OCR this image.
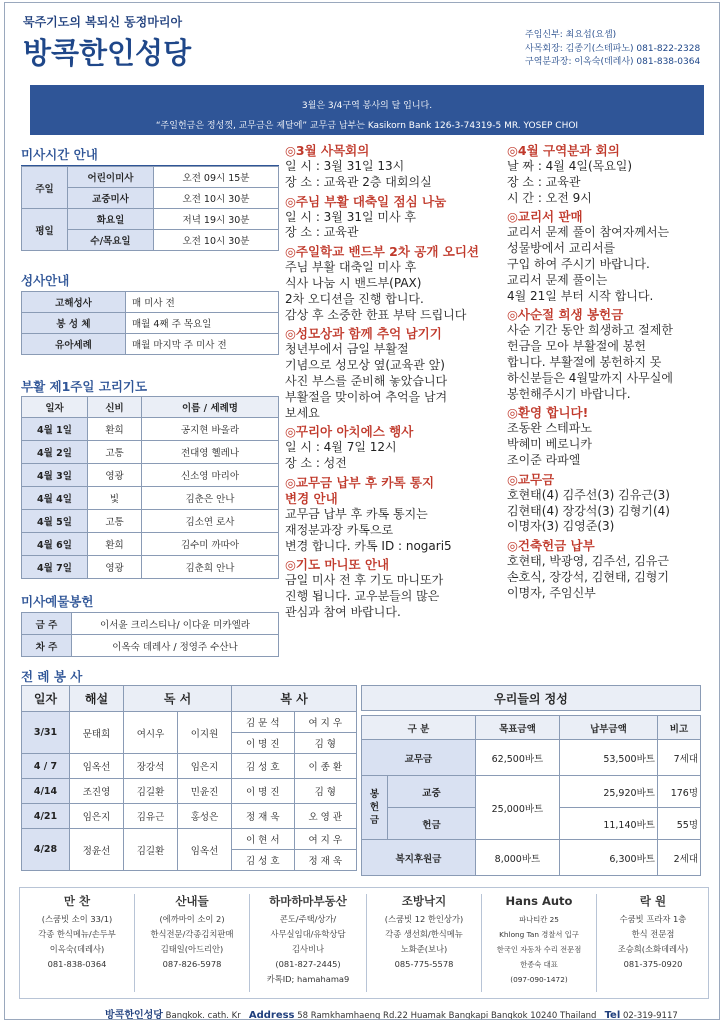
묵주기도의 복되신 동정마리아
방콕한인성당
주임신부: 최요섭(요셉)
사목회장: 김종기(스테파노) 081-822-2328
구역분과장: 이옥숙(데레사) 081-838-0364
3월은 3/4구역 봉사의 달 입니다.
“주일헌금은 정성껏, 교무금은 제달에” 교무금 납부는 Kasikorn Bank 126-3-74319-5 MR. YOSEP CHOI
미사시간 안내
주일	어린이미사	오전 09시 15분
	교중미사	오전 10시 30분
평일	화요일	저녁 19시 30분
	수/목요일	오전 10시 30분
성사안내
고해성사	매 미사 전
봉 성 체	매월 4째 주 목요일
유아세례	매월 마지막 주 미사 전
부활 제1주일 고리기도
일자	신비	이름 / 세례명
4월 1일	환희	공지현 바올라
4월 2일	고통	전대영 헬레나
4월 3일	영광	신소영 마리아
4월 4일	빛	김춘은 안나
4월 5일	고통	김소연 로사
4월 6일	환희	김수미 까따아
4월 7일	영광	김춘희 안나
미사예물봉헌
금 주	이서윤 크리스티나/ 이다윤 미카엘라
차 주	이옥숙 데레사 / 정영주 수산나
전 례 봉 사
일자	해설	독 서		복 사	
3/31	문태희	여시우	이지원	김 문 석	여 지 우
				이 명 진	김 형
4 / 7	임옥선	장강석	임은지	김 성 호	이 종 환
4/14	조진영	김길환	민윤진	이 명 진	김 형
4/21	임은지	김유근	홍성은	정 재 욱	오 영 관
4/28	정윤선	김길환	임옥선	이 현 서	여 지 우
				김 성 호	정 재 욱
우리들의 정성
구 분		목표금액	납부금액	비고
교무금		62,500바트	53,500바트	7세대
봉
헌
금	교중	25,000바트	25,920바트	176명
	헌금		11,140바트	55명
복지후원금		8,000바트	6,300바트	2세대
◎3월 사목회의
일 시 : 3월 31일 13시
장 소 : 교육관 2층 대회의실
◎주님 부활 대축일 점심 나눔
일 시 : 3월 31일 미사 후
장 소 : 교육관
◎주일학교 밴드부 2차 공개 오디션
주님 부활 대축일 미사 후
식사 나눔 시 밴드부(PAX)
2차 오디션을 진행 합니다.
감상 후 소중한 한표 부탁 드립니다
◎성모상과 함께 추억 남기기
청년부에서 금일 부활절
기념으로 성모상 옆(교육관 앞)
사진 부스를 준비해 놓았습니다
부활절을 맞이하여 추억을 남겨
보세요
◎꾸리아 아치에스 행사
일 시 : 4월 7일 12시
장 소 : 성전
◎교무금 납부 후 카톡 통지
변경 안내
교무금 납부 후 카톡 통지는
재정분과장 카톡으로
변경 합니다. 카톡 ID : nogari5
◎기도 마니또 안내
금일 미사 전 후 기도 마니또가
진행 됩니다. 교우분들의 많은
관심과 참여 바랍니다.
◎4월 구역분과 회의
날 짜 : 4월 4일(목요일)
장 소 : 교육관
시 간 : 오전 9시
◎교리서 판매
교리서 문제 풀이 참여자께서는
성물방에서 교리서를
구입 하여 주시기 바랍니다.
교리서 문제 풀이는
4월 21일 부터 시작 합니다.
◎사순절 희생 봉헌금
사순 기간 동안 희생하고 절제한
헌금을 모아 부활절에 봉헌
합니다. 부활절에 봉헌하지 못
하신분들은 4월말까지 사무실에
봉헌해주시기 바랍니다.
◎환영 합니다!
조동완 스테파노
박혜미 베로니카
조이준 라파엘
◎교무금
호현태(4) 김주선(3) 김유근(3)
김현태(4) 장강석(3) 김형기(4)
이명자(3) 김영준(3)
◎건축헌금 납부
호현태, 박광영, 김주선, 김유근
손호식, 장강석, 김현태, 김형기
이명자, 주임신부
만 찬
(스쿰빗 소이 33/1)
각종 한식메뉴/손두부
이옥숙(데레사)
081-838-0364
산내들
(에까마이 소이 2)
한식전문/각종김치판매
김태일(아드리안)
087-826-5978
하마하마부동산
콘도/주택/상가/
사무실임대/유학상담
김사비나
(081-827-2445)
카톡ID; hamahama9
조방낙지
(스쿰빗 12 한인상가)
각종 생선회/한식메뉴
노화준(보나)
085-775-5578
Hans Auto
파나티칸 25
Khlong Tan 경찰서 입구
한국인 자동차 수리 전문점
한종숙 대표
(097-090-1472)
락 원
수쿰빗 프라자 1층
한식 전문점
조승희(소화데레사)
081-375-0920
방콕한인성당 Bangkok. cath. Kr Address 58 Ramkhamhaeng Rd.22 Huamak Bangkapi Bangkok 10240 Thailand Tel 02-319-9117
